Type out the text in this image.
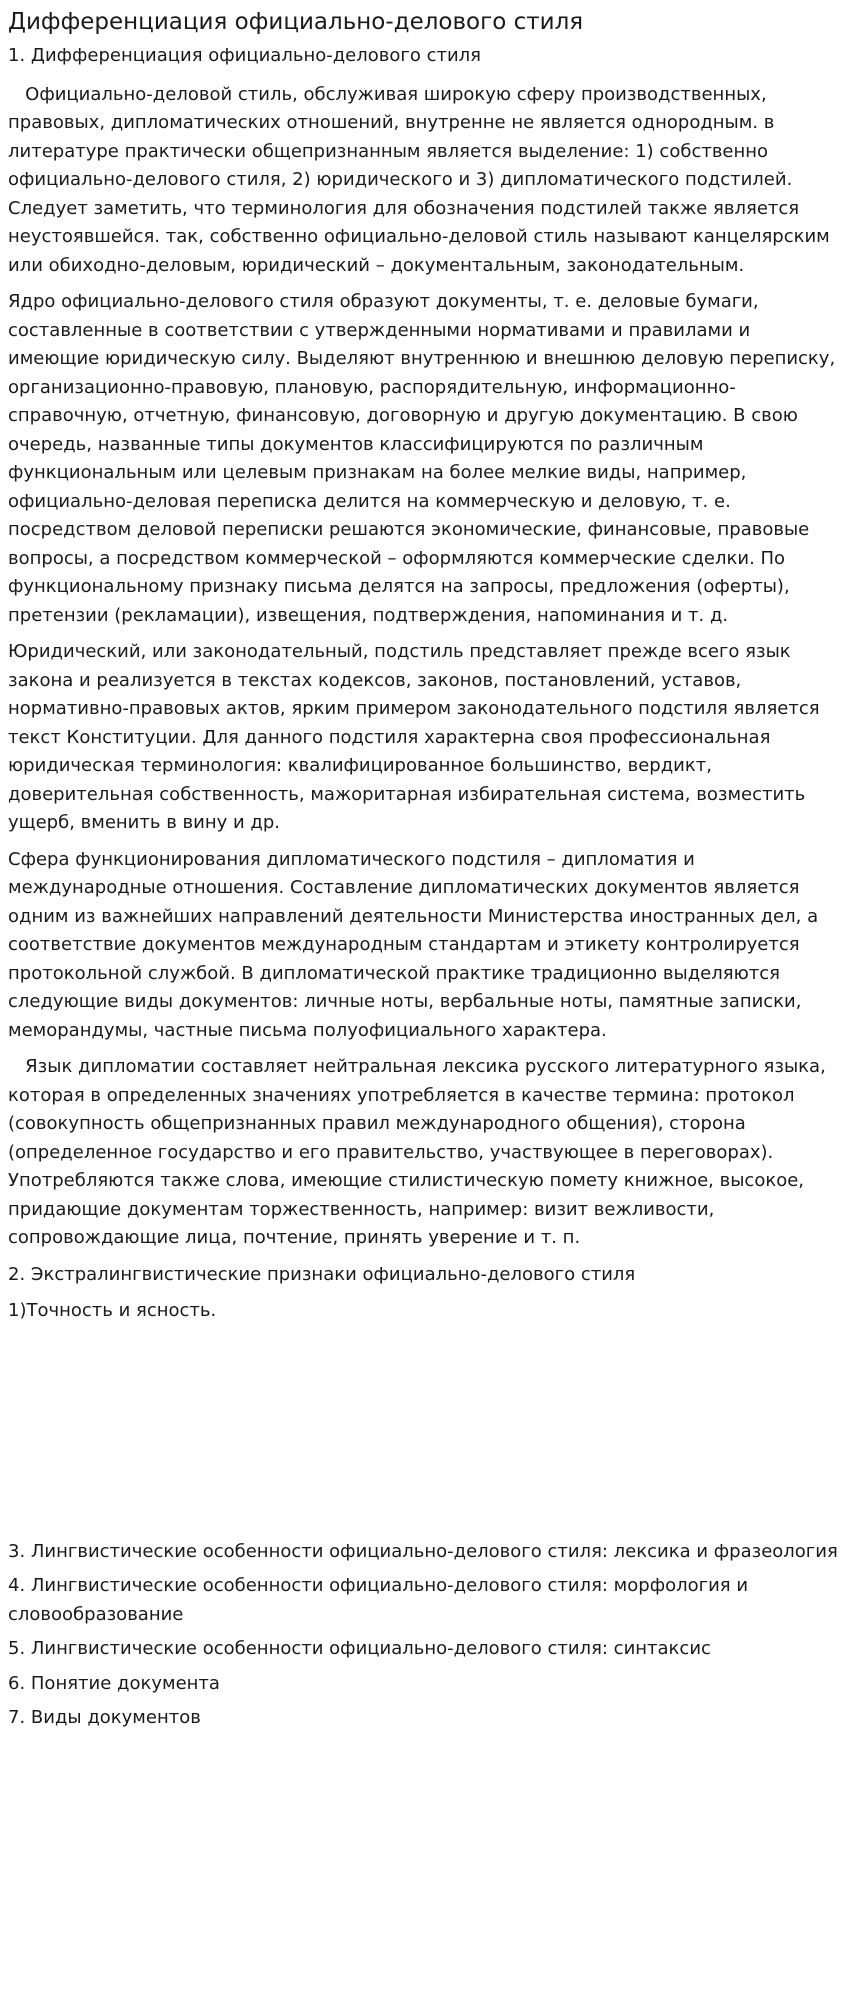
Дифференциация официально-делового стиля

1. Дифференциация официально-делового стиля

Официально-деловой стиль, обслуживая широкую сферу производственных, правовых, дипломатических отношений, внутренне не является однородным. в литературе практически общепризнанным является выделение: 1) собственно официально-делового стиля, 2) юридического и 3) дипломатического подстилей. Следует заметить, что терминология для обозначения подстилей также является неустоявшейся. так, собственно официально-деловой стиль называют канцелярским или обиходно-деловым, юридический – документальным, законодательным.

Ядро официально-делового стиля образуют документы, т. е. деловые бумаги, составленные в соответствии с утвержденными нормативами и правилами и имеющие юридическую силу. Выделяют внутреннюю и внешнюю деловую переписку, организационно-правовую, плановую, распорядительную, информационно-справочную, отчетную, финансовую, договорную и другую документацию. В свою очередь, названные типы документов классифицируются по различным функциональным или целевым признакам на более мелкие виды, например, официально-деловая переписка делится на коммерческую и деловую, т. е. посредством деловой переписки решаются экономические, финансовые, правовые вопросы, а посредством коммерческой – оформляются коммерческие сделки. По функциональному признаку письма делятся на запросы, предложения (оферты), претензии (рекламации), извещения, подтверждения, напоминания и т. д.

Юридический, или законодательный, подстиль представляет прежде всего язык закона и реализуется в текстах кодексов, законов, постановлений, уставов, нормативно-правовых актов, ярким примером законодательного подстиля является текст Конституции. Для данного подстиля характерна своя профессиональная юридическая терминология: квалифицированное большинство, вердикт, доверительная собственность, мажоритарная избирательная система, возместить ущерб, вменить в вину и др.

Сфера функционирования дипломатического подстиля – дипломатия и международные отношения. Составление дипломатических документов является одним из важнейших направлений деятельности Министерства иностранных дел, а соответствие документов международным стандартам и этикету контролируется протокольной службой. В дипломатической практике традиционно выделяются следующие виды документов: личные ноты, вербальные ноты, памятные записки, меморандумы, частные письма полуофициального характера.

Язык дипломатии составляет нейтральная лексика русского литературного языка, которая в определенных значениях употребляется в качестве термина: протокол (совокупность общепризнанных правил международного общения), сторона (определенное государство и его правительство, участвующее в переговорах). Употребляются также слова, имеющие стилистическую помету книжное, высокое, придающие документам торжественность, например: визит вежливости, сопровождающие лица, почтение, принять уверение и т. п.

2. Экстралингвистические признаки официально-делового стиля

1)Точность и ясность.

3. Лингвистические особенности официально-делового стиля: лексика и фразеология

4. Лингвистические особенности официально-делового стиля: морфология и словообразование

5. Лингвистические особенности официально-делового стиля: синтаксис

6. Понятие документа

7. Виды документов
